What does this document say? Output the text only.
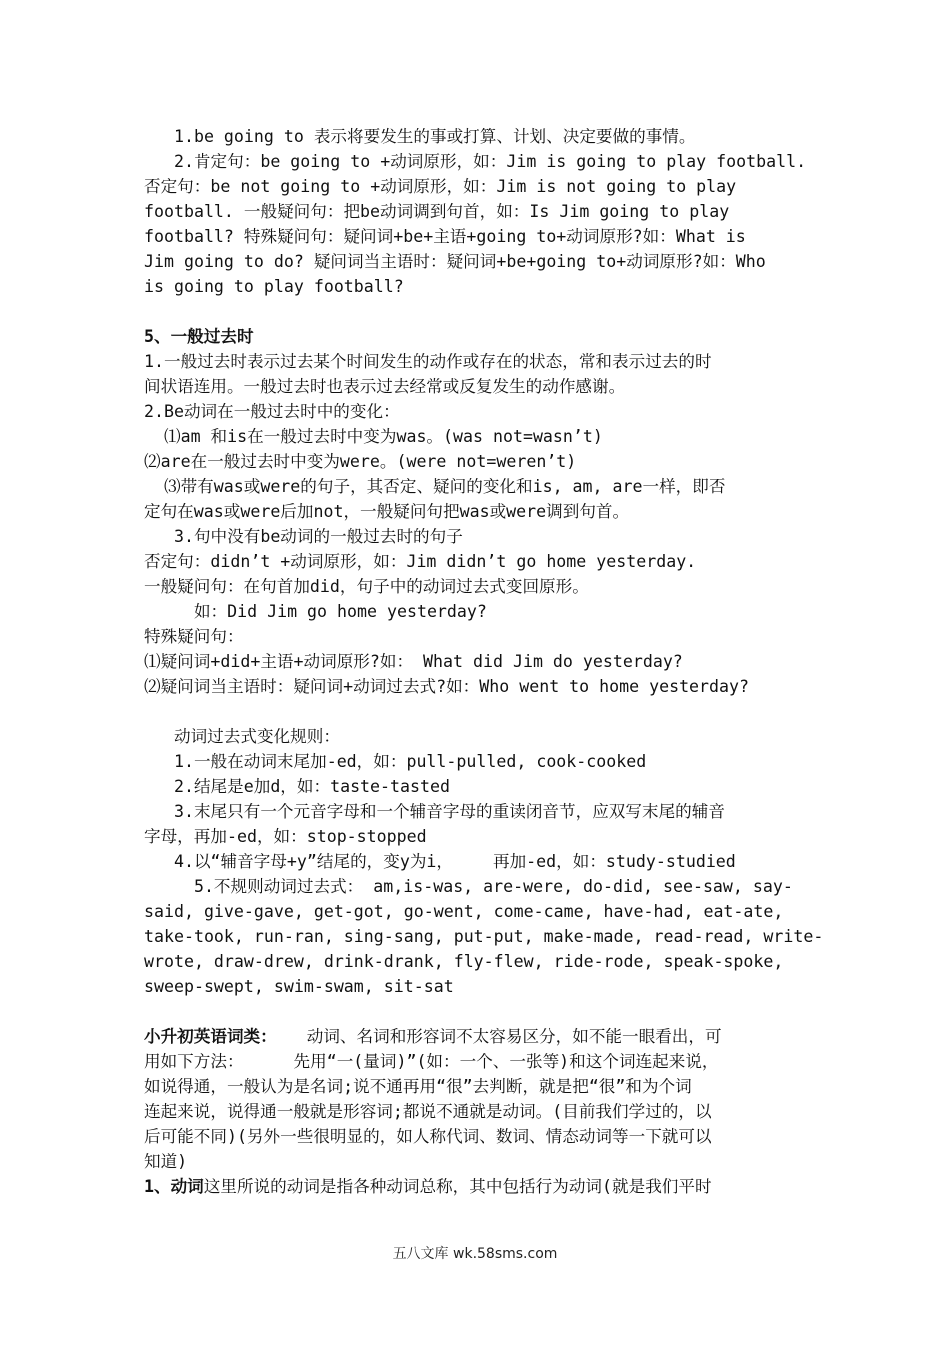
1.be going to 表示将要发生的事或打算、计划、决定要做的事情。
2.肯定句：be going to +动词原形，如：Jim is going to play football.
否定句：be not going to +动词原形，如：Jim is not going to play
football. 一般疑问句：把be动词调到句首，如：Is Jim going to play
football? 特殊疑问句：疑问词+be+主语+going to+动词原形?如：What is
Jim going to do? 疑问词当主语时：疑问词+be+going to+动词原形?如：Who
is going to play football?
5、一般过去时
1.一般过去时表示过去某个时间发生的动作或存在的状态，常和表示过去的时
间状语连用。一般过去时也表示过去经常或反复发生的动作感谢。
2.Be动词在一般过去时中的变化：
⑴am 和is在一般过去时中变为was。(was not=wasn’t)
⑵are在一般过去时中变为were。(were not=weren’t)
⑶带有was或were的句子，其否定、疑问的变化和is, am, are一样，即否
定句在was或were后加not，一般疑问句把was或were调到句首。
3.句中没有be动词的一般过去时的句子
否定句：didn’t +动词原形，如：Jim didn’t go home yesterday.
一般疑问句：在句首加did，句子中的动词过去式变回原形。
如：Did Jim go home yesterday?
特殊疑问句：
⑴疑问词+did+主语+动词原形?如： What did Jim do yesterday?
⑵疑问词当主语时：疑问词+动词过去式?如：Who went to home yesterday?
动词过去式变化规则：
1.一般在动词末尾加-ed，如：pull-pulled, cook-cooked
2.结尾是e加d，如：taste-tasted
3.末尾只有一个元音字母和一个辅音字母的重读闭音节，应双写末尾的辅音
字母，再加-ed，如：stop-stopped
4.以“辅音字母+y”结尾的，变y为i，    再加-ed，如：study-studied
5.不规则动词过去式： am,is-was, are-were, do-did, see-saw, say-
said, give-gave, get-got, go-went, come-came, have-had, eat-ate,
take-took, run-ran, sing-sang, put-put, make-made, read-read, write-
wrote, draw-drew, drink-drank, fly-flew, ride-rode, speak-spoke,
sweep-swept, swim-swam, sit-sat
小升初英语词类：   动词、名词和形容词不太容易区分，如不能一眼看出，可
用如下方法：     先用“一(量词)”(如：一个、一张等)和这个词连起来说，
如说得通，一般认为是名词;说不通再用“很”去判断，就是把“很”和为个词
连起来说，说得通一般就是形容词;都说不通就是动词。(目前我们学过的，以
后可能不同)(另外一些很明显的，如人称代词、数词、情态动词等一下就可以
知道)
1、动词这里所说的动词是指各种动词总称，其中包括行为动词(就是我们平时
五八文库 wk.58sms.com
